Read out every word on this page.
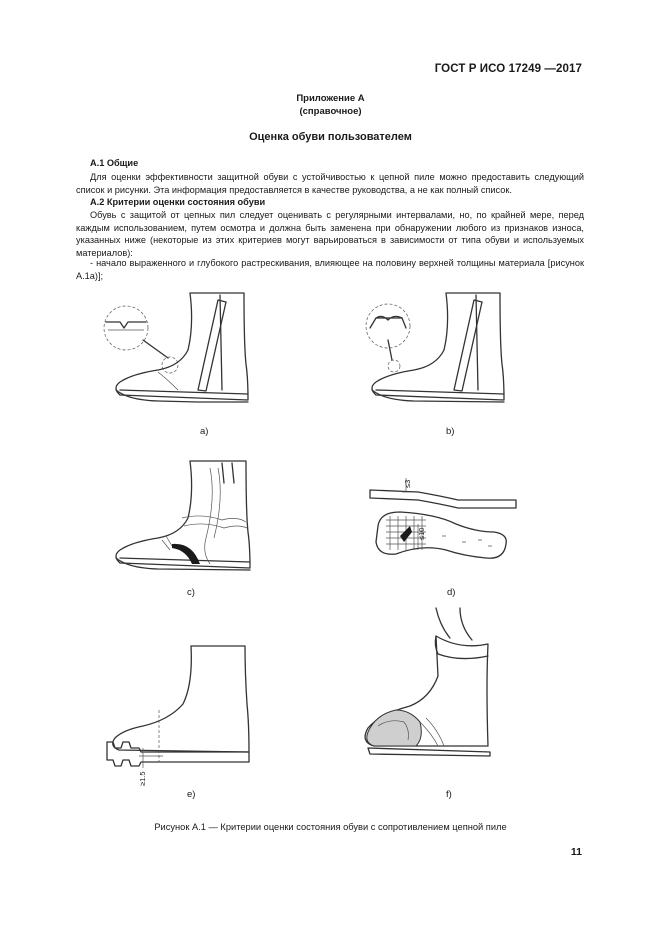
ГОСТ Р ИСО 17249 —2017
Приложение А
(справочное)
Оценка обуви пользователем
А.1 Общие
Для оценки эффективности защитной обуви с устойчивостью к цепной пиле можно предоставить следующий список и рисунки. Эта информация предоставляется в качестве руководства, а не как полный список.
А.2 Критерии оценки состояния обуви
Обувь с защитой от цепных пил следует оценивать с регулярными интервалами, но, по крайней мере, перед каждым использованием, путем осмотра и должна быть заменена при обнаружении любого из признаков износа, указанных ниже (некоторые из этих критериев могут варьироваться в зависимости от типа обуви и используемых материалов):
- начало выраженного и глубокого растрескивания, влияющее на половину верхней толщины материала [рисунок А.1а)];
a)	b)
c)
≤3
≤10
d)
≥1.5
e)	f)
Рисунок А.1 — Критерии оценки состояния обуви с сопротивлением цепной пиле
11
